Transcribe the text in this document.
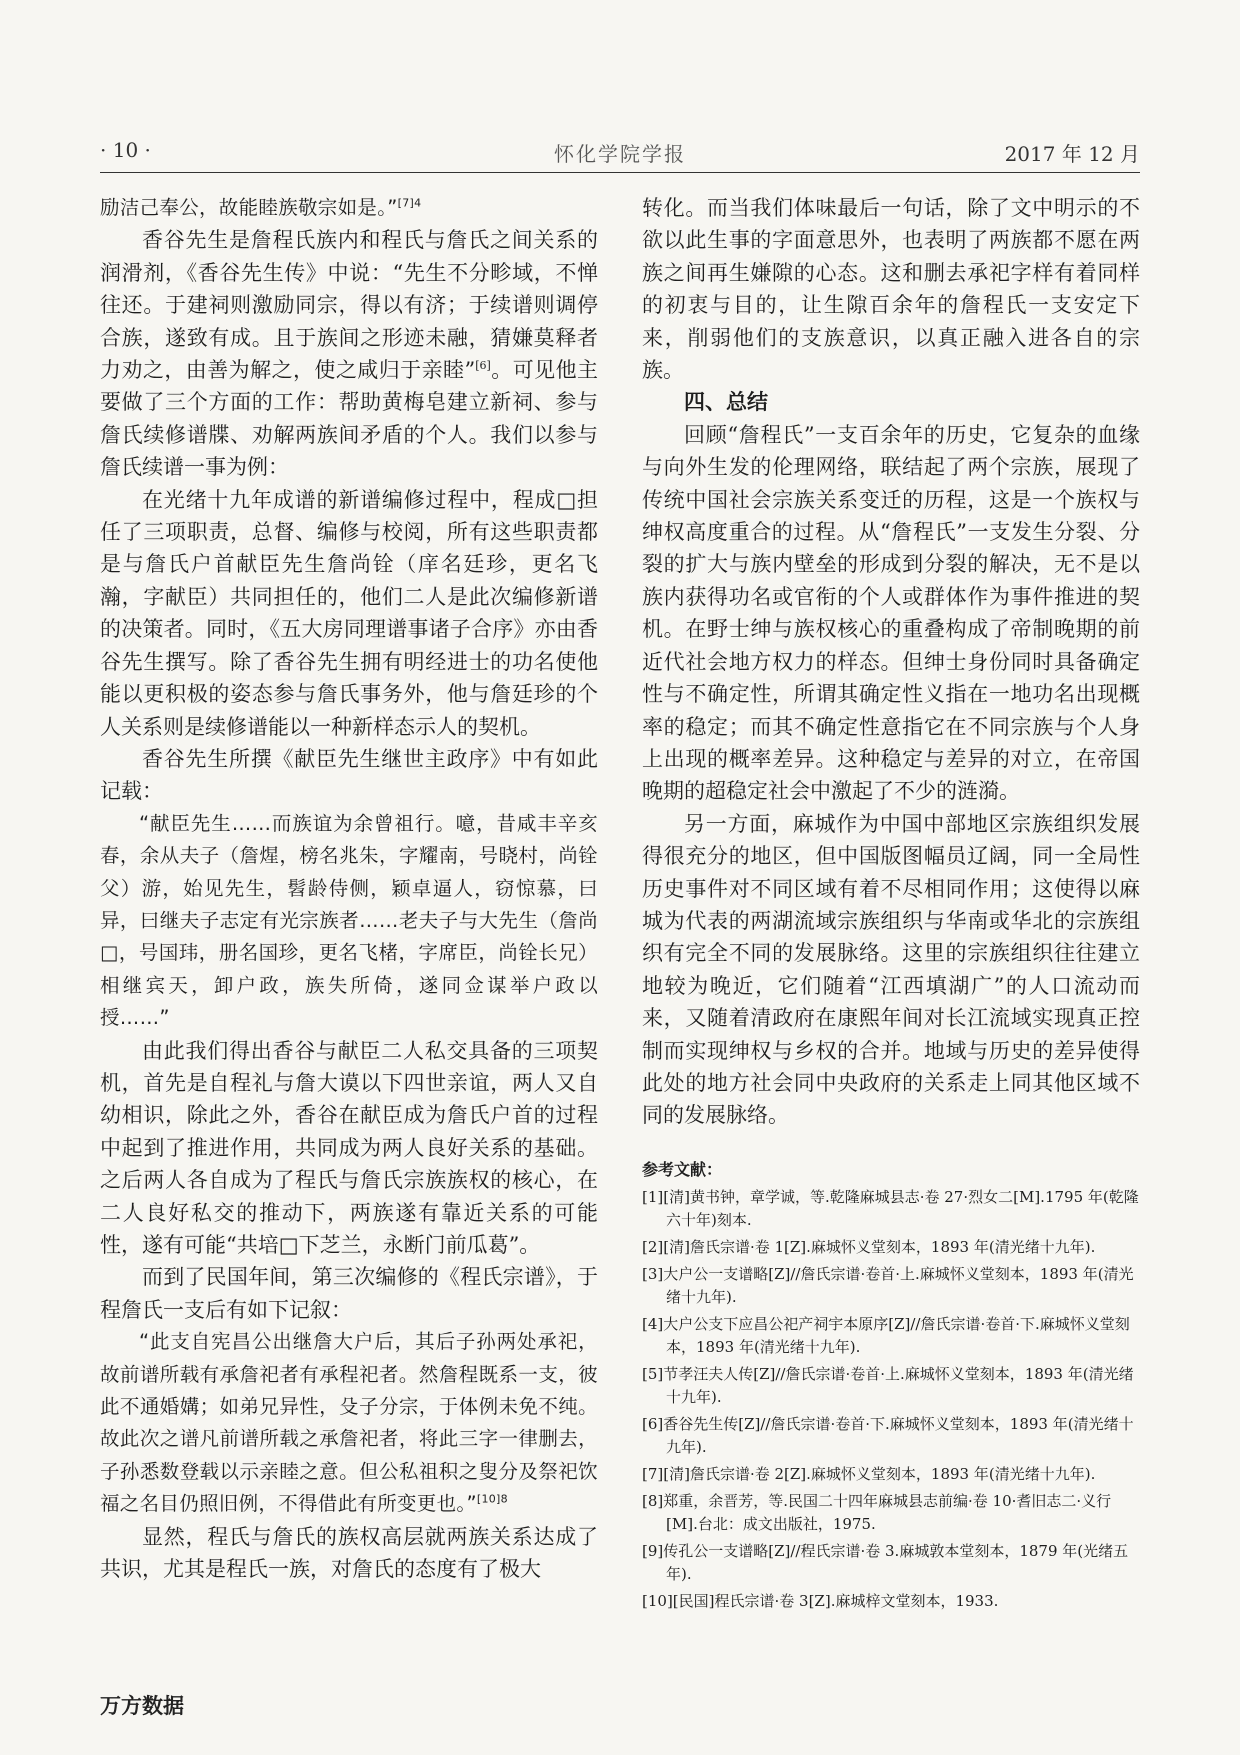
· 10 ·	怀化学院学报	2017 年 12 月

励洁己奉公，故能睦族敬宗如是。”$^{[7]4}$

香谷先生是詹程氏族内和程氏与詹氏之间关系的润滑剂，《香谷先生传》中说：“先生不分畛域，不惮往还。于建祠则激励同宗，得以有济；于续谱则调停合族，遂致有成。且于族间之形迹未融，猜嫌莫释者力劝之，由善为解之，使之咸归于亲睦”[6]。可见他主要做了三个方面的工作：帮助黄梅皂建立新祠、参与詹氏续修谱牒、劝解两族间矛盾的个人。我们以参与詹氏续谱一事为例：

在光绪十九年成谱的新谱编修过程中，程成□担任了三项职责，总督、编修与校阅，所有这些职责都是与詹氏户首献臣先生詹尚铨（庠名廷珍，更名飞瀚，字献臣）共同担任的，他们二人是此次编修新谱的决策者。同时，《五大房同理谱事诸子合序》亦由香谷先生撰写。除了香谷先生拥有明经进士的功名使他能以更积极的姿态参与詹氏事务外，他与詹廷珍的个人关系则是续修谱能以一种新样态示人的契机。

香谷先生所撰《献臣先生继世主政序》中有如此记载：

“献臣先生……而族谊为余曾祖行。噫，昔咸丰辛亥春，余从夫子（詹煋，榜名兆朱，字耀南，号晓村，尚铨父）游，始见先生，髫龄侍侧，颖卓逼人，窃惊慕，曰异，曰继夫子志定有光宗族者……老夫子与大先生（詹尚□，号国玮，册名国珍，更名飞楮，字席臣，尚铨长兄）相继宾天，卸户政，族失所倚，遂同佥谋举户政以授……”

由此我们得出香谷与献臣二人私交具备的三项契机，首先是自程礼与詹大谟以下四世亲谊，两人又自幼相识，除此之外，香谷在献臣成为詹氏户首的过程中起到了推进作用，共同成为两人良好关系的基础。之后两人各自成为了程氏与詹氏宗族族权的核心，在二人良好私交的推动下，两族遂有靠近关系的可能性，遂有可能“共培□下芝兰，永断门前瓜葛”。

而到了民国年间，第三次编修的《程氏宗谱》，于程詹氏一支后有如下记叙：

“此支自宪昌公出继詹大户后，其后子孙两处承祀，故前谱所载有承詹祀者有承程祀者。然詹程既系一支，彼此不通婚媾；如弟兄异性，殳子分宗，于体例未免不纯。故此次之谱凡前谱所载之承詹祀者，将此三字一律删去，子孙悉数登载以示亲睦之意。但公私祖积之叟分及祭祀饮福之名目仍照旧例，不得借此有所变更也。”$^{[10]8}$

显然，程氏与詹氏的族权高层就两族关系达成了共识，尤其是程氏一族，对詹氏的态度有了极大

转化。而当我们体味最后一句话，除了文中明示的不欲以此生事的字面意思外，也表明了两族都不愿在两族之间再生嫌隙的心态。这和删去承祀字样有着同样的初衷与目的，让生隙百余年的詹程氏一支安定下来，削弱他们的支族意识，以真正融入进各自的宗族。

四、总结

回顾“詹程氏”一支百余年的历史，它复杂的血缘与向外生发的伦理网络，联结起了两个宗族，展现了传统中国社会宗族关系变迁的历程，这是一个族权与绅权高度重合的过程。从“詹程氏”一支发生分裂、分裂的扩大与族内壁垒的形成到分裂的解决，无不是以族内获得功名或官衔的个人或群体作为事件推进的契机。在野士绅与族权核心的重叠构成了帝制晚期的前近代社会地方权力的样态。但绅士身份同时具备确定性与不确定性，所谓其确定性义指在一地功名出现概率的稳定；而其不确定性意指它在不同宗族与个人身上出现的概率差异。这种稳定与差异的对立，在帝国晚期的超稳定社会中激起了不少的涟漪。

另一方面，麻城作为中国中部地区宗族组织发展得很充分的地区，但中国版图幅员辽阔，同一全局性历史事件对不同区域有着不尽相同作用；这使得以麻城为代表的两湖流域宗族组织与华南或华北的宗族组织有完全不同的发展脉络。这里的宗族组织往往建立地较为晚近，它们随着“江西填湖广”的人口流动而来，又随着清政府在康熙年间对长江流域实现真正控制而实现绅权与乡权的合并。地域与历史的差异使得此处的地方社会同中央政府的关系走上同其他区域不同的发展脉络。

参考文献：
[1][清]黄书钟，章学诚，等.乾隆麻城县志·卷 27·烈女二[M].1795 年(乾隆六十年)刻本.
[2][清]詹氏宗谱·卷 1[Z].麻城怀义堂刻本，1893 年(清光绪十九年).
[3]大户公一支谱略[Z]//詹氏宗谱·卷首·上.麻城怀义堂刻本，1893 年(清光绪十九年).
[4]大户公支下应昌公祀产祠宇本原序[Z]//詹氏宗谱·卷首·下.麻城怀义堂刻本，1893 年(清光绪十九年).
[5]节孝汪夫人传[Z]//詹氏宗谱·卷首·上.麻城怀义堂刻本，1893 年(清光绪十九年).
[6]香谷先生传[Z]//詹氏宗谱·卷首·下.麻城怀义堂刻本，1893 年(清光绪十九年).
[7][清]詹氏宗谱·卷 2[Z].麻城怀义堂刻本，1893 年(清光绪十九年).
[8]郑重，余晋芳，等.民国二十四年麻城县志前编·卷 10·耆旧志二·义行[M].台北：成文出版社，1975.
[9]传孔公一支谱略[Z]//程氏宗谱·卷 3.麻城敦本堂刻本，1879 年(光绪五年).
[10][民国]程氏宗谱·卷 3[Z].麻城梓文堂刻本，1933.
万方数据
